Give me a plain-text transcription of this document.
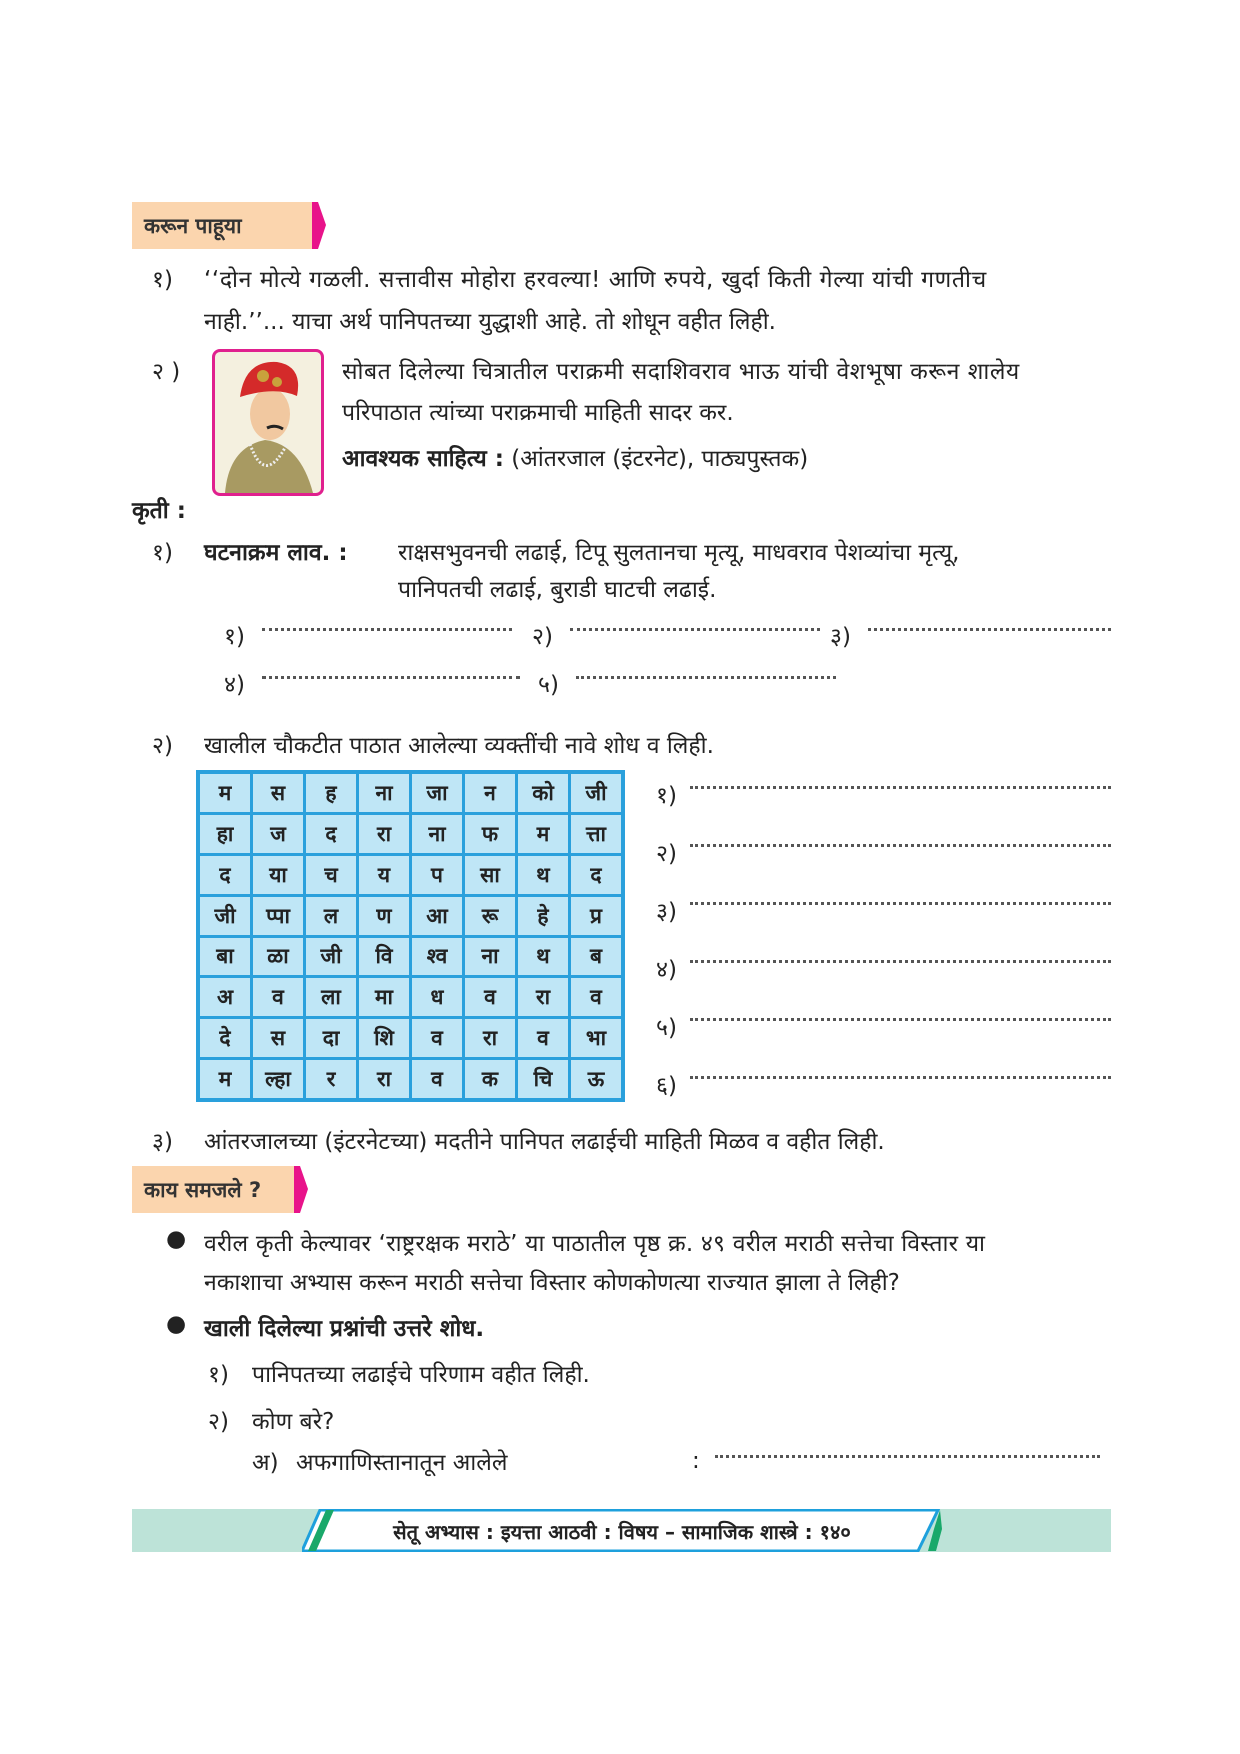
करून पाहूया
१) ‘‘दोन मोत्ये गळली. सत्तावीस मोहोरा हरवल्या! आणि रुपये, खुर्दा किती गेल्या यांची गणतीच
नाही.’’... याचा अर्थ पानिपतच्या युद्धाशी आहे. तो शोधून वहीत लिही.
२ )	सोबत दिलेल्या चित्रातील पराक्रमी सदाशिवराव भाऊ यांची वेशभूषा करून शालेय
परिपाठात त्यांच्या पराक्रमाची माहिती सादर कर.
आवश्यक साहित्य : (आंतरजाल (इंटरनेट), पाठ्यपुस्तक)
कृती :
१) घटनाक्रम लाव. : राक्षसभुवनची लढाई, टिपू सुलतानचा मृत्यू, माधवराव पेशव्यांचा मृत्यू,
पानिपतची लढाई, बुराडी घाटची लढाई.
१)	२)	३)
४)	५)
२) खालील चौकटीत पाठात आलेल्या व्यक्तींची नावे शोध व लिही.
म	स	ह	ना	जा	न	को	जी
हा	ज	द	रा	ना	फ	म	त्ता
द	या	च	य	प	सा	थ	द
जी	प्पा	ल	ण	आ	रू	हे	प्र
बा	ळा	जी	वि	श्व	ना	थ	ब
अ	व	ला	मा	ध	व	रा	व
दे	स	दा	शि	व	रा	व	भा
म	ल्हा	र	रा	व	क	चि	ऊ
१)
२)
३)
४)
५)
६)
३) आंतरजालच्या (इंटरनेटच्या) मदतीने पानिपत लढाईची माहिती मिळव व वहीत लिही.
काय समजले ?
● वरील कृती केल्यावर ‘राष्ट्ररक्षक मराठे’ या पाठातील पृष्ठ क्र. ४९ वरील मराठी सत्तेचा विस्तार या
नकाशाचा अभ्यास करून मराठी सत्तेचा विस्तार कोणकोणत्या राज्यात झाला ते लिही?
● खाली दिलेल्या प्रश्नांची उत्तरे शोध.
१) पानिपतच्या लढाईचे परिणाम वहीत लिही.
२) कोण बरे?
अ) अफगाणिस्तानातून आलेले	:
सेतू अभ्यास : इयत्ता आठवी : विषय – सामाजिक शास्त्रे : १४०
